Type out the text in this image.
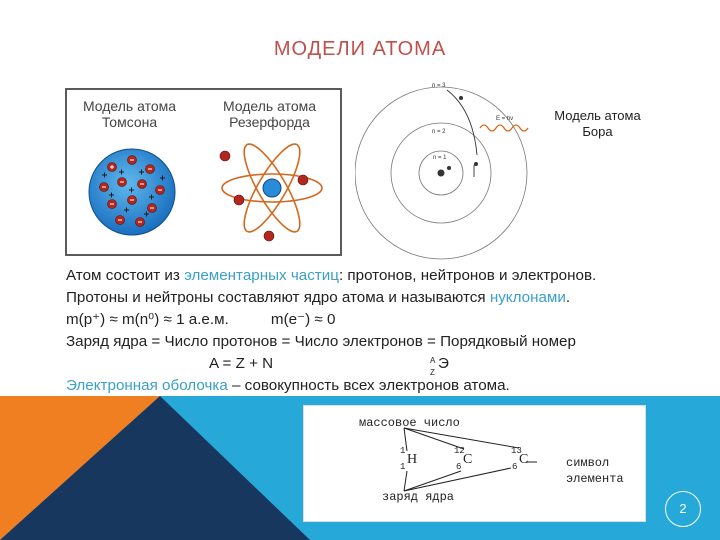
МОДЕЛИ АТОМА
Модель атома
Томсона
Модель атома
Резерфорда
n = 3
n = 2
n = 1
E = hν	Модель атома
Бора
Атом состоит из элементарных частиц: протонов, нейтронов и электронов.
Протоны и нейтроны составляют ядро атома и называются нуклонами.
m(p⁺) ≈ m(n⁰) ≈ 1 а.е.м.          m(e⁻) ≈ 0
Заряд ядра = Число протонов = Число электронов = Порядковый номер
A = Z + N	A
Z
Э
Электронная оболочка – совокупность всех электронов атома.
массовое число
заряд ядра
символ
элемента
1
1 H
12
6 C
13
6 C
2
